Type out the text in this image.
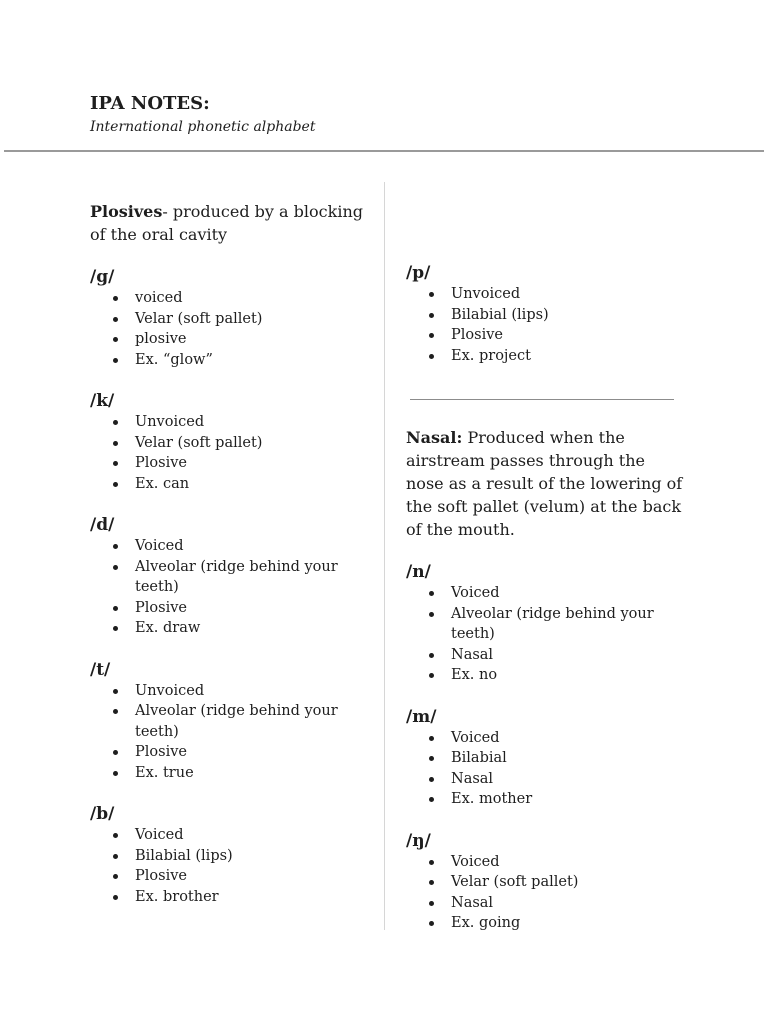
IPA NOTES:
International phonetic alphabet

Plosives- produced by a blocking of the oral cavity

/g/
voiced
Velar (soft pallet)
plosive
Ex. “glow”
/k/
Unvoiced
Velar (soft pallet)
Plosive
Ex. can
/d/
Voiced
Alveolar (ridge behind your teeth)
Plosive
Ex. draw
/t/
Unvoiced
Alveolar (ridge behind your teeth)
Plosive
Ex. true
/b/
Voiced
Bilabial (lips)
Plosive
Ex. brother
/p/
Unvoiced
Bilabial (lips)
Plosive
Ex. project

Nasal: Produced when the airstream passes through the nose as a result of the lowering of the soft pallet (velum) at the back of the mouth.

/n/
Voiced
Alveolar (ridge behind your teeth)
Nasal
Ex. no
/m/
Voiced
Bilabial
Nasal
Ex. mother
/ŋ/
Voiced
Velar (soft pallet)
Nasal
Ex. going
